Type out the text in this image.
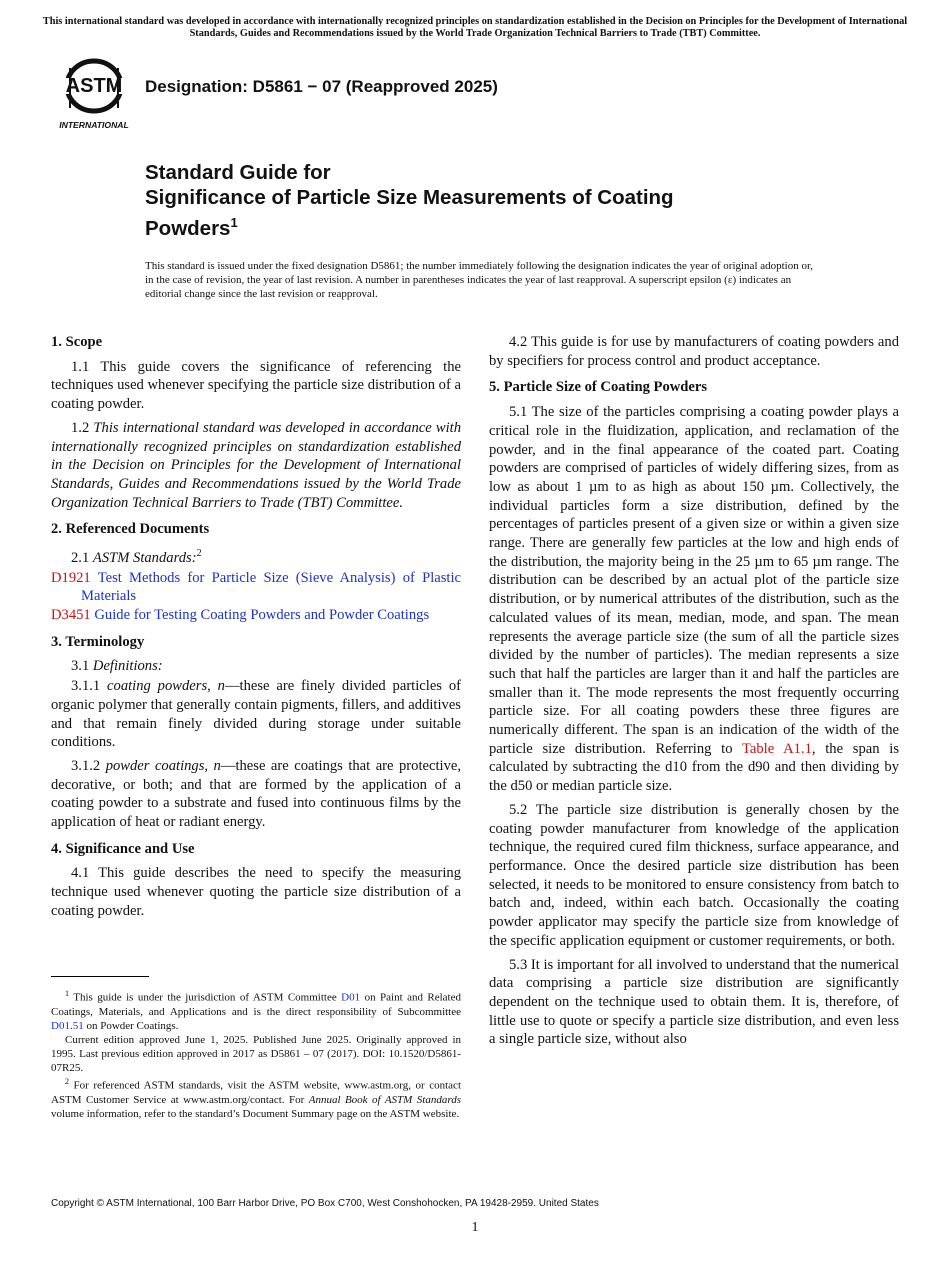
This international standard was developed in accordance with internationally recognized principles on standardization established in the Decision on Principles for the Development of International Standards, Guides and Recommendations issued by the World Trade Organization Technical Barriers to Trade (TBT) Committee.
ASTM
INTERNATIONAL
Designation: D5861 − 07 (Reapproved 2025)
Standard Guide for
Significance of Particle Size Measurements of Coating
Powders$^1$
This standard is issued under the fixed designation D5861; the number immediately following the designation indicates the year of original adoption or, in the case of revision, the year of last revision. A number in parentheses indicates the year of last reapproval. A superscript epsilon (ε) indicates an editorial change since the last revision or reapproval.
1. Scope

1.1 This guide covers the significance of referencing the techniques used whenever specifying the particle size distribution of a coating powder.

1.2 This international standard was developed in accordance with internationally recognized principles on standardization established in the Decision on Principles for the Development of International Standards, Guides and Recommendations issued by the World Trade Organization Technical Barriers to Trade (TBT) Committee.

2. Referenced Documents
2.1 ASTM Standards:$^2$
D1921 Test Methods for Particle Size (Sieve Analysis) of Plastic Materials
D3451 Guide for Testing Coating Powders and Powder Coatings
3. Terminology
3.1 Definitions:
3.1.1 coating powders, n—these are finely divided particles of organic polymer that generally contain pigments, fillers, and additives and that remain finely divided during storage under suitable conditions.
3.1.2 powder coatings, n—these are coatings that are protective, decorative, or both; and that are formed by the application of a coating powder to a substrate and fused into continuous films by the application of heat or radiant energy.
4. Significance and Use

4.1 This guide describes the need to specify the measuring technique used whenever quoting the particle size distribution of a coating powder.

$^1$ This guide is under the jurisdiction of ASTM Committee D01 on Paint and Related Coatings, Materials, and Applications and is the direct responsibility of Subcommittee D01.51 on Powder Coatings.

Current edition approved June 1, 2025. Published June 2025. Originally approved in 1995. Last previous edition approved in 2017 as D5861 – 07 (2017). DOI: 10.1520/D5861-07R25.

$^2$ For referenced ASTM standards, visit the ASTM website, www.astm.org, or contact ASTM Customer Service at www.astm.org/contact. For Annual Book of ASTM Standards volume information, refer to the standard’s Document Summary page on the ASTM website.

4.2 This guide is for use by manufacturers of coating powders and by specifiers for process control and product acceptance.

5. Particle Size of Coating Powders

5.1 The size of the particles comprising a coating powder plays a critical role in the fluidization, application, and reclamation of the powder, and in the final appearance of the coated part. Coating powders are comprised of particles of widely differing sizes, from as low as about 1 µm to as high as about 150 µm. Collectively, the individual particles form a size distribution, defined by the percentages of particles present of a given size or within a given size range. There are generally few particles at the low and high ends of the distribution, the majority being in the 25 µm to 65 µm range. The distribution can be described by an actual plot of the particle size distribution, or by numerical attributes of the distribution, such as the calculated values of its mean, median, mode, and span. The mean represents the average particle size (the sum of all the particle sizes divided by the number of particles). The median represents a size such that half the particles are larger than it and half the particles are smaller than it. The mode represents the most frequently occurring particle size. For all coating powders these three figures are numerically different. The span is an indication of the width of the particle size distribution. Referring to Table A1.1, the span is calculated by subtracting the d10 from the d90 and then dividing by the d50 or median particle size.

5.2 The particle size distribution is generally chosen by the coating powder manufacturer from knowledge of the application technique, the required cured film thickness, surface appearance, and performance. Once the desired particle size distribution has been selected, it needs to be monitored to ensure consistency from batch to batch and, indeed, within each batch. Occasionally the coating powder applicator may specify the particle size from knowledge of the specific application equipment or customer requirements, or both.

5.3 It is important for all involved to understand that the numerical data comprising a particle size distribution are significantly dependent on the technique used to obtain them. It is, therefore, of little use to quote or specify a particle size distribution, and even less a single particle size, without also

Copyright © ASTM International, 100 Barr Harbor Drive, PO Box C700, West Conshohocken, PA 19428-2959. United States
1
